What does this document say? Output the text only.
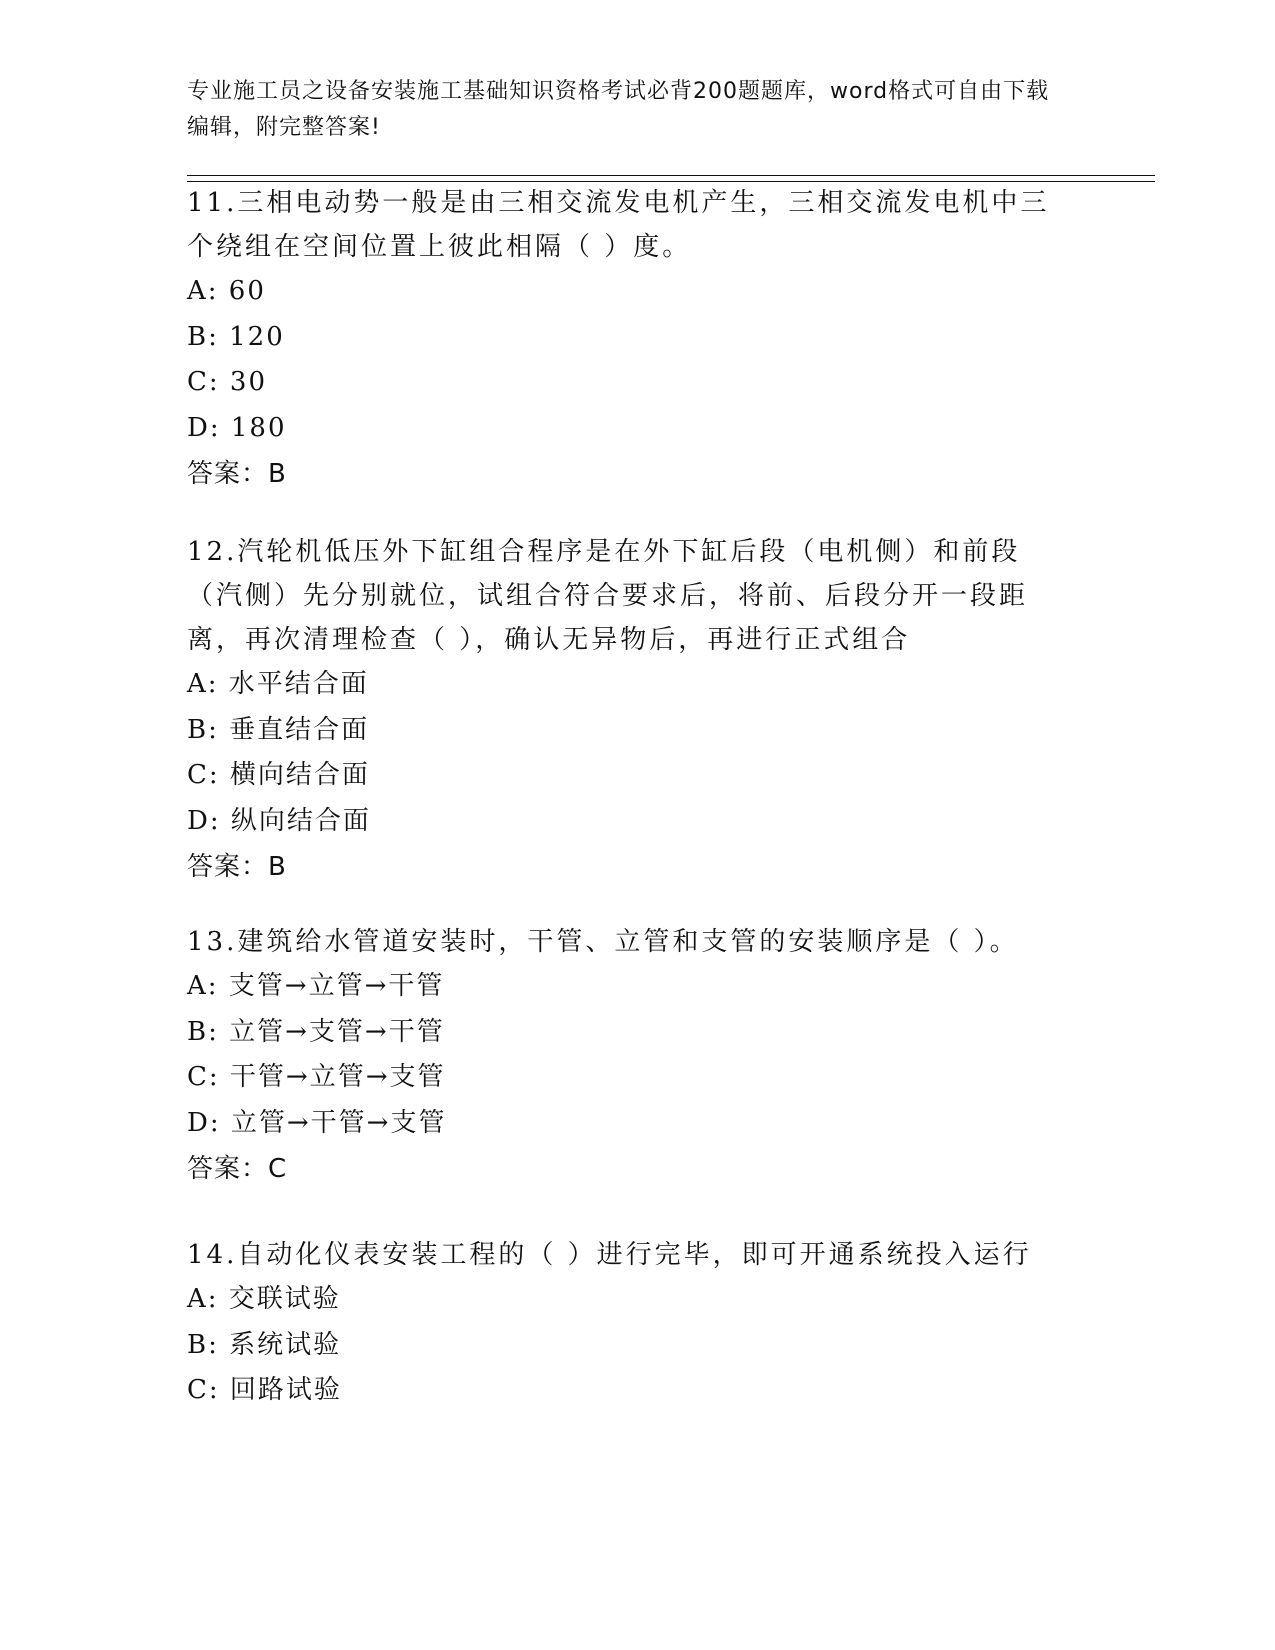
专业施工员之设备安装施工基础知识资格考试必背200题题库，word格式可自由下载编辑，附完整答案!
11.三相电动势一般是由三相交流发电机产生，三相交流发电机中三个绕组在空间位置上彼此相隔（ ）度。
A: 60
B: 120
C: 30
D: 180
答案：B
12.汽轮机低压外下缸组合程序是在外下缸后段（电机侧）和前段（汽侧）先分别就位，试组合符合要求后，将前、后段分开一段距离，再次清理检查（ ），确认无异物后，再进行正式组合
A: 水平结合面
B: 垂直结合面
C: 横向结合面
D: 纵向结合面
答案：B
13.建筑给水管道安装时，干管、立管和支管的安装顺序是（ ）。
A: 支管→立管→干管
B: 立管→支管→干管
C: 干管→立管→支管
D: 立管→干管→支管
答案：C
14.自动化仪表安装工程的（ ）进行完毕，即可开通系统投入运行
A: 交联试验
B: 系统试验
C: 回路试验
